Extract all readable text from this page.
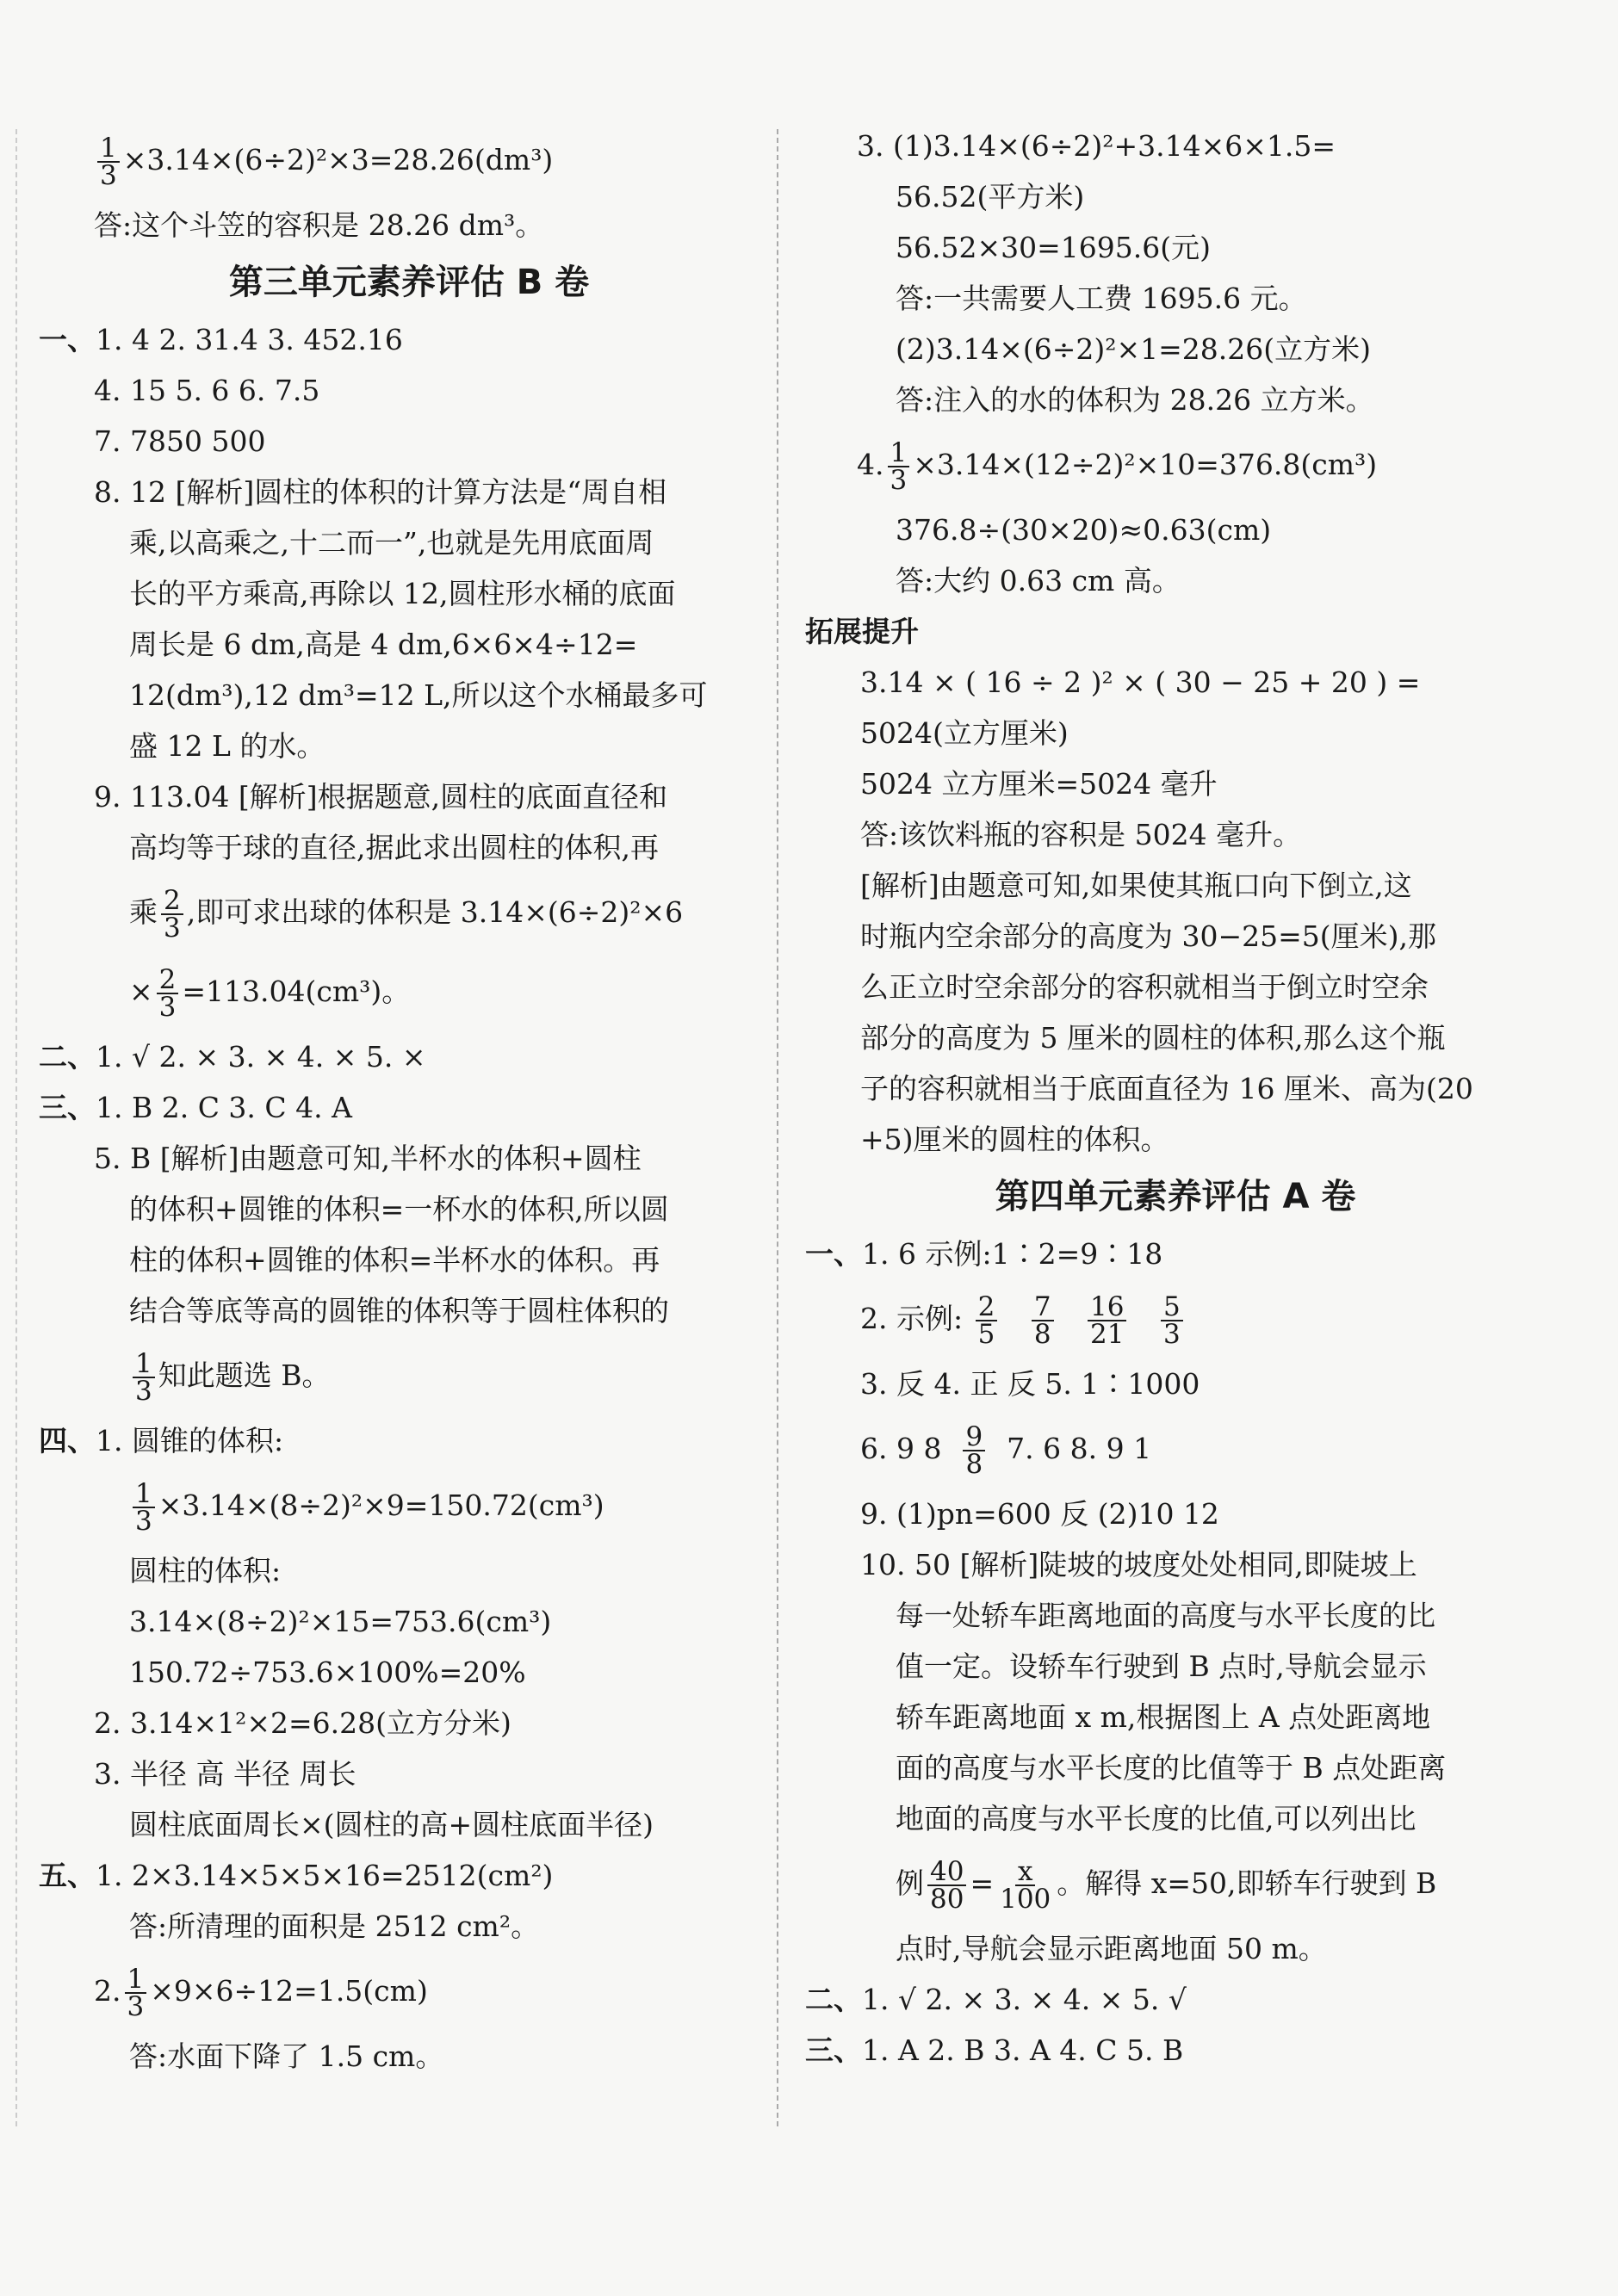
$\frac{1}{3} \times 3.14\times(6\div 2)^2\times 3=28.26(dm^3)$
答:这个斗笠的容积是 28.26 dm³。
第三单元素养评估 B 卷
一、1. 4 2. 31.4 3. 452.16
4. 15 5. 6 6. 7.5
7. 7850 500
8. 12 [解析]圆柱的体积的计算方法是“周自相
乘,以高乘之,十二而一”,也就是先用底面周
长的平方乘高,再除以 12,圆柱形水桶的底面
周长是 6 dm,高是 4 dm,6×6×4÷12=
12(dm³),12 dm³=12 L,所以这个水桶最多可
盛 12 L 的水。
9. 113.04 [解析]根据题意,圆柱的底面直径和
高均等于球的直径,据此求出圆柱的体积,再
乘 $\frac{2}{3}$ ,即可求出球的体积是 3.14×(6÷2)²×6
× $\frac{2}{3} =113.04(cm^3)$。
二、1. √ 2. × 3. × 4. × 5. ×
三、1. B 2. C 3. C 4. A
5. B [解析]由题意可知,半杯水的体积+圆柱
的体积+圆锥的体积=一杯水的体积,所以圆
柱的体积+圆锥的体积=半杯水的体积。再
结合等底等高的圆锥的体积等于圆柱体积的
$\frac{1}{3}$ 知此题选 B。
四、1. 圆锥的体积:
$\frac{1}{3} \times 3.14\times(8\div 2)^2\times 9=150.72(cm^3)$
圆柱的体积:
3.14×(8÷2)²×15=753.6(cm³)
150.72÷753.6×100%=20%
2. 3.14×1²×2=6.28(立方分米)
3. 半径 高 半径 周长
圆柱底面周长×(圆柱的高+圆柱底面半径)
五、1. 2×3.14×5×5×16=2512(cm²)
答:所清理的面积是 2512 cm²。
2. $\frac{1}{3} \times 9\times 6\div 12=1.5(cm)$
答:水面下降了 1.5 cm。
3. (1)3.14×(6÷2)²+3.14×6×1.5=
56.52(平方米)
56.52×30=1695.6(元)
答:一共需要人工费 1695.6 元。
(2)3.14×(6÷2)²×1=28.26(立方米)
答:注入的水的体积为 28.26 立方米。
4. $\frac{1}{3} \times 3.14\times(12\div 2)^2\times 10=376.8(cm^3)$
376.8÷(30×20)≈0.63(cm)
答:大约 0.63 cm 高。
拓展提升
3.14 × ( 16 ÷ 2 )² × ( 30 − 25 + 20 ) =
5024(立方厘米)
5024 立方厘米=5024 毫升
答:该饮料瓶的容积是 5024 毫升。
[解析]由题意可知,如果使其瓶口向下倒立,这
时瓶内空余部分的高度为 30−25=5(厘米),那
么正立时空余部分的容积就相当于倒立时空余
部分的高度为 5 厘米的圆柱的体积,那么这个瓶
子的容积就相当于底面直径为 16 厘米、高为(20
+5)厘米的圆柱的体积。
第四单元素养评估 A 卷
一、1. 6 示例:1∶2=9∶18
2. 示例: $\frac{2}{5}$
$\frac{7}{8}$
$\frac{16}{21}$
$\frac{5}{3}$
3. 反 4. 正 反 5. 1∶1000
6. 9 $8 \frac{9}{8} 7$. 6 8. 9 1
9. (1)pn=600 反 (2)10 12
10. 50 [解析]陡坡的坡度处处相同,即陡坡上
每一处轿车距离地面的高度与水平长度的比
值一定。设轿车行驶到 B 点时,导航会显示
轿车距离地面 x m,根据图上 A 点处距离地
面的高度与水平长度的比值等于 B 点处距离
地面的高度与水平长度的比值,可以列出比
例 $\frac{40}{80} = \frac{x}{100}$ 。解得 x=50,即轿车行驶到 B
点时,导航会显示距离地面 50 m。
二、1. √ 2. × 3. × 4. × 5. √
三、1. A 2. B 3. A 4. C 5. B
